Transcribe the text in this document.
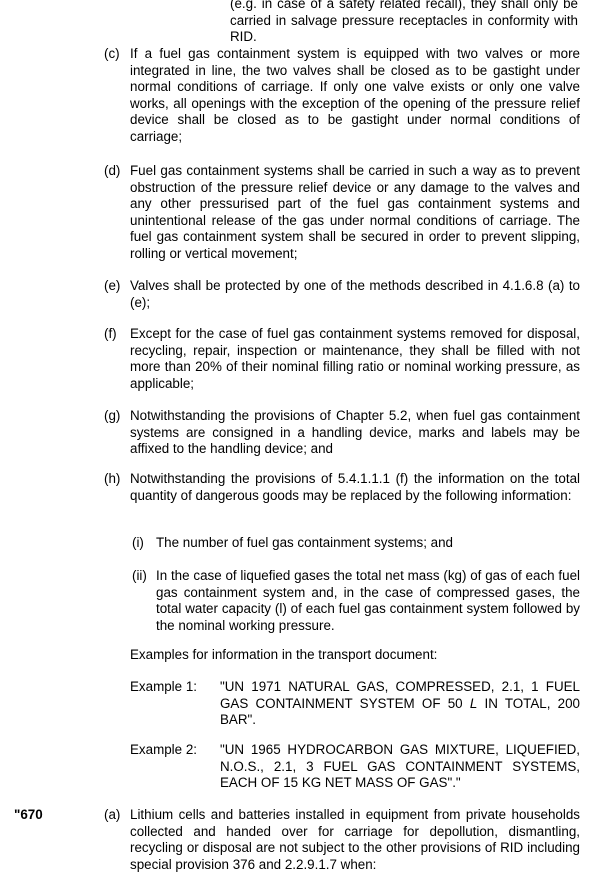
(e.g. in case of a safety related recall), they shall only be carried in salvage pressure receptacles in conformity with RID.
(c) If a fuel gas containment system is equipped with two valves or more integrated in line, the two valves shall be closed as to be gastight under normal conditions of carriage. If only one valve exists or only one valve works, all openings with the exception of the opening of the pressure relief device shall be closed as to be gastight under normal conditions of carriage;
(d) Fuel gas containment systems shall be carried in such a way as to prevent obstruction of the pressure relief device or any damage to the valves and any other pressurised part of the fuel gas containment systems and unintentional release of the gas under normal conditions of carriage. The fuel gas containment system shall be secured in order to prevent slipping, rolling or vertical movement;
(e) Valves shall be protected by one of the methods described in 4.1.6.8 (a) to (e);
(f) Except for the case of fuel gas containment systems removed for disposal, recycling, repair, inspection or maintenance, they shall be filled with not more than 20% of their nominal filling ratio or nominal working pressure, as applicable;
(g) Notwithstanding the provisions of Chapter 5.2, when fuel gas containment systems are consigned in a handling device, marks and labels may be affixed to the handling device; and
(h) Notwithstanding the provisions of 5.4.1.1.1 (f) the information on the total quantity of dangerous goods may be replaced by the following information:
(i) The number of fuel gas containment systems; and
(ii) In the case of liquefied gases the total net mass (kg) of gas of each fuel gas containment system and, in the case of compressed gases, the total water capacity (l) of each fuel gas containment system followed by the nominal working pressure.
Examples for information in the transport document:
Example 1: "UN 1971 NATURAL GAS, COMPRESSED, 2.1, 1 FUEL GAS CONTAINMENT SYSTEM OF 50 L IN TOTAL, 200 BAR".
Example 2: "UN 1965 HYDROCARBON GAS MIXTURE, LIQUEFIED, N.O.S., 2.1, 3 FUEL GAS CONTAINMENT SYSTEMS, EACH OF 15 KG NET MASS OF GAS"."
"670	(a) Lithium cells and batteries installed in equipment from private households collected and handed over for carriage for depollution, dismantling, recycling or disposal are not subject to the other provisions of RID including special provision 376 and 2.2.9.1.7 when:
